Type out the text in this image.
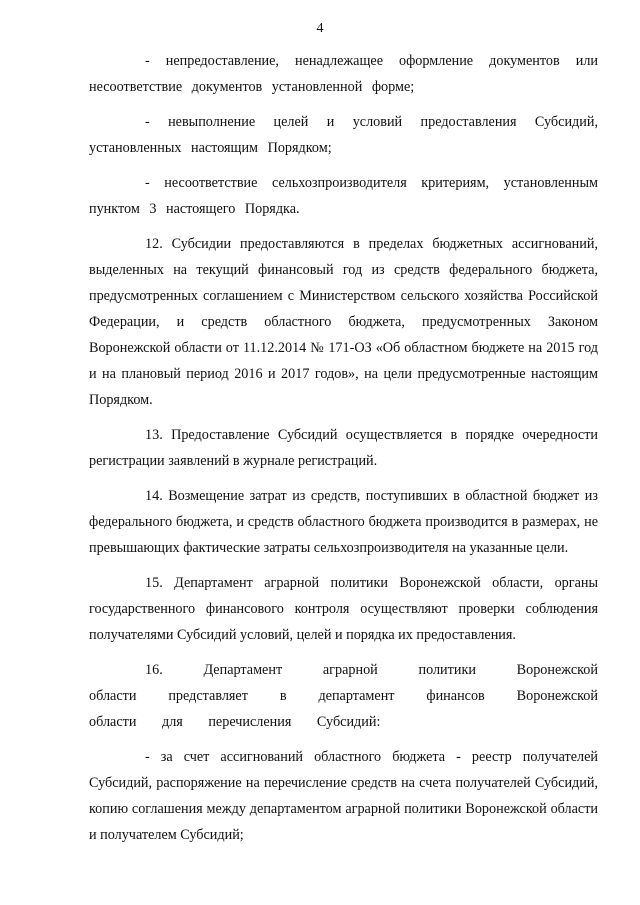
4

- непредоставление, ненадлежащее оформление документов или несоответствие документов установленной форме;

- невыполнение целей и условий предоставления Субсидий, установленных настоящим Порядком;

- несоответствие сельхозпроизводителя критериям, установленным пунктом 3 настоящего Порядка.

12. Субсидии предоставляются в пределах бюджетных ассигнований, выделенных на текущий финансовый год из средств федерального бюджета, предусмотренных соглашением с Министерством сельского хозяйства Российской Федерации, и средств областного бюджета, предусмотренных Законом Воронежской области от 11.12.2014 № 171-ОЗ «Об областном бюджете на 2015 год и на плановый период 2016 и 2017 годов», на цели предусмотренные настоящим Порядком.

13. Предоставление Субсидий осуществляется в порядке очередности регистрации заявлений в журнале регистраций.

14. Возмещение затрат из средств, поступивших в областной бюджет из федерального бюджета, и средств областного бюджета производится в размерах, не превышающих фактические затраты сельхозпроизводителя на указанные цели.

15. Департамент аграрной политики Воронежской области, органы государственного финансового контроля осуществляют проверки соблюдения получателями Субсидий условий, целей и порядка их предоставления.

16. Департамент аграрной политики Воронежской области представляет в департамент финансов Воронежской области для перечисления Субсидий:

- за счет ассигнований областного бюджета - реестр получателей Субсидий, распоряжение на перечисление средств на счета получателей Субсидий, копию соглашения между департаментом аграрной политики Воронежской области и получателем Субсидий;
